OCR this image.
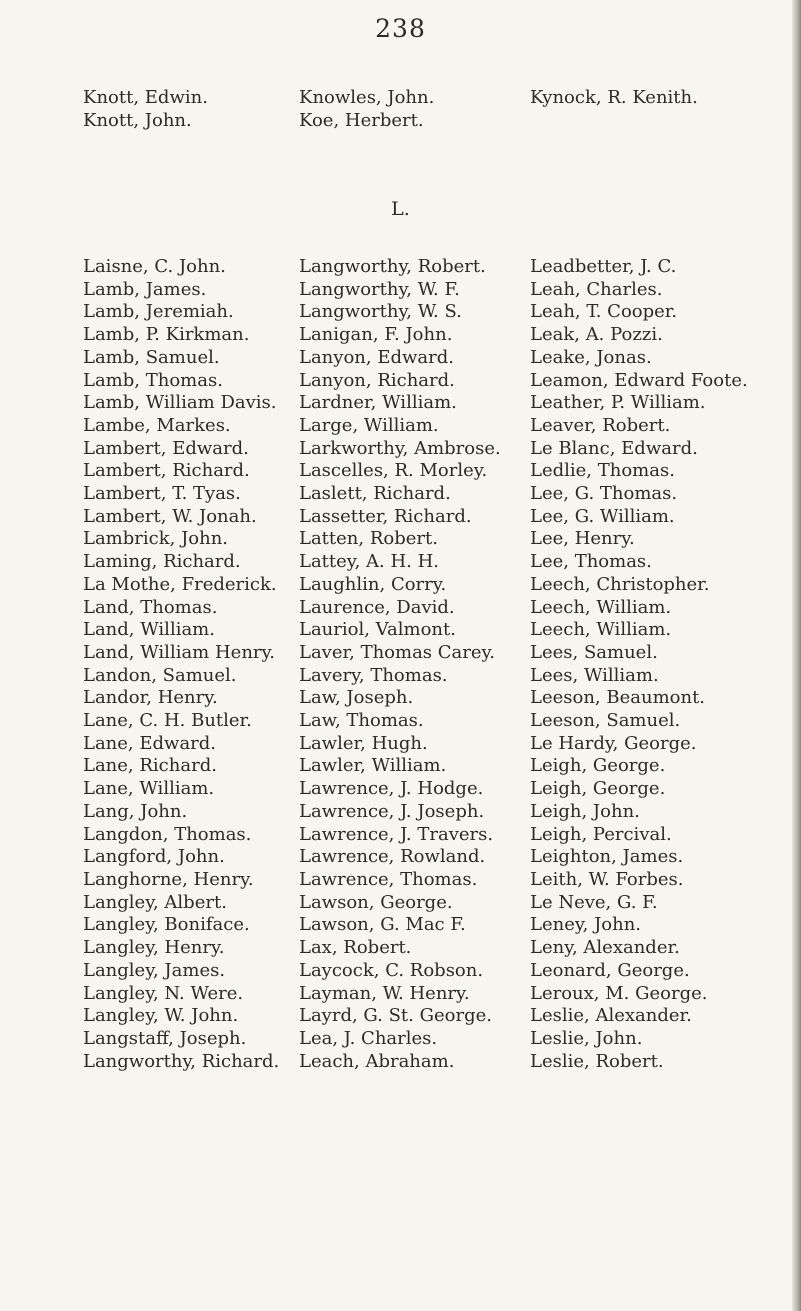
238
Knott, Edwin.
Knott, John.
Knowles, John.
Koe, Herbert.
Kynock, R. Kenith.
L.
Laisne, C. John.
Lamb, James.
Lamb, Jeremiah.
Lamb, P. Kirkman.
Lamb, Samuel.
Lamb, Thomas.
Lamb, William Davis.
Lambe, Markes.
Lambert, Edward.
Lambert, Richard.
Lambert, T. Tyas.
Lambert, W. Jonah.
Lambrick, John.
Laming, Richard.
La Mothe, Frederick.
Land, Thomas.
Land, William.
Land, William Henry.
Landon, Samuel.
Landor, Henry.
Lane, C. H. Butler.
Lane, Edward.
Lane, Richard.
Lane, William.
Lang, John.
Langdon, Thomas.
Langford, John.
Langhorne, Henry.
Langley, Albert.
Langley, Boniface.
Langley, Henry.
Langley, James.
Langley, N. Were.
Langley, W. John.
Langstaff, Joseph.
Langworthy, Richard.
Langworthy, Robert.
Langworthy, W. F.
Langworthy, W. S.
Lanigan, F. John.
Lanyon, Edward.
Lanyon, Richard.
Lardner, William.
Large, William.
Larkworthy, Ambrose.
Lascelles, R. Morley.
Laslett, Richard.
Lassetter, Richard.
Latten, Robert.
Lattey, A. H. H.
Laughlin, Corry.
Laurence, David.
Lauriol, Valmont.
Laver, Thomas Carey.
Lavery, Thomas.
Law, Joseph.
Law, Thomas.
Lawler, Hugh.
Lawler, William.
Lawrence, J. Hodge.
Lawrence, J. Joseph.
Lawrence, J. Travers.
Lawrence, Rowland.
Lawrence, Thomas.
Lawson, George.
Lawson, G. Mac F.
Lax, Robert.
Laycock, C. Robson.
Layman, W. Henry.
Layrd, G. St. George.
Lea, J. Charles.
Leach, Abraham.
Leadbetter, J. C.
Leah, Charles.
Leah, T. Cooper.
Leak, A. Pozzi.
Leake, Jonas.
Leamon, Edward Foote.
Leather, P. William.
Leaver, Robert.
Le Blanc, Edward.
Ledlie, Thomas.
Lee, G. Thomas.
Lee, G. William.
Lee, Henry.
Lee, Thomas.
Leech, Christopher.
Leech, William.
Leech, William.
Lees, Samuel.
Lees, William.
Leeson, Beaumont.
Leeson, Samuel.
Le Hardy, George.
Leigh, George.
Leigh, George.
Leigh, John.
Leigh, Percival.
Leighton, James.
Leith, W. Forbes.
Le Neve, G. F.
Leney, John.
Leny, Alexander.
Leonard, George.
Leroux, M. George.
Leslie, Alexander.
Leslie, John.
Leslie, Robert.
